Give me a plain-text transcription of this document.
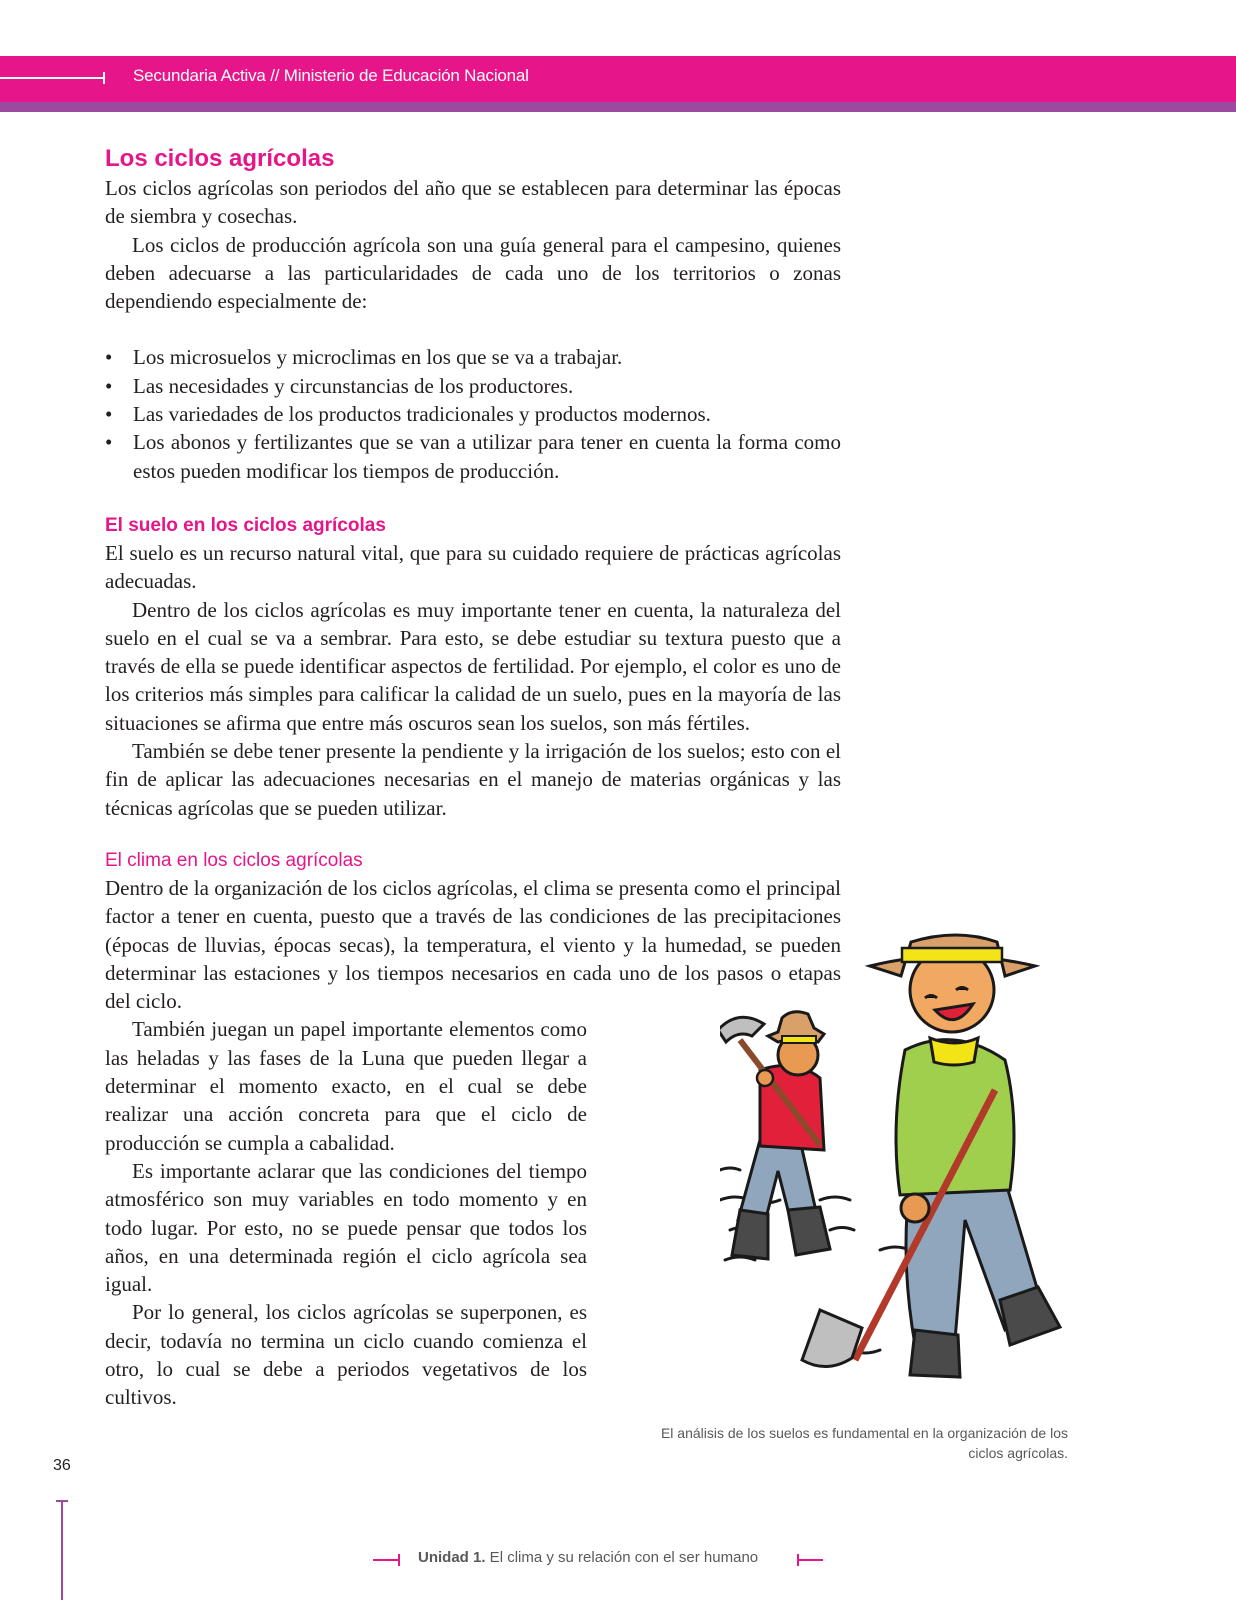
Secundaria Activa // Ministerio de Educación Nacional
Los ciclos agrícolas

Los ciclos agrícolas son periodos del año que se establecen para determinar las épocas de siembra y cosechas.

Los ciclos de producción agrícola son una guía general para el campesino, quienes deben adecuarse a las particularidades de cada uno de los territorios o zonas dependiendo especialmente de:

• Los microsuelos y microclimas en los que se va a trabajar.
• Las necesidades y circunstancias de los productores.
• Las variedades de los productos tradicionales y productos modernos.
• Los abonos y fertilizantes que se van a utilizar para tener en cuenta la forma como estos pueden modificar los tiempos de producción.
El suelo en los ciclos agrícolas

El suelo es un recurso natural vital, que para su cuidado requiere de prácticas agrícolas adecuadas.

Dentro de los ciclos agrícolas es muy importante tener en cuenta, la naturaleza del suelo en el cual se va a sembrar. Para esto, se debe estudiar su textura puesto que a través de ella se puede identificar aspectos de fertilidad. Por ejemplo, el color es uno de los criterios más simples para calificar la calidad de un suelo, pues en la mayoría de las situaciones se afirma que entre más oscuros sean los suelos, son más fértiles.

También se debe tener presente la pendiente y la irrigación de los suelos; esto con el fin de aplicar las adecuaciones necesarias en el manejo de materias orgánicas y las técnicas agrícolas que se pueden utilizar.

El clima en los ciclos agrícolas

Dentro de la organización de los ciclos agrícolas, el clima se presenta como el principal factor a tener en cuenta, puesto que a través de las condiciones de las precipitaciones (épocas de lluvias, épocas secas), la temperatura, el viento y la humedad, se pueden determinar las estaciones y los tiempos necesarios en cada uno de los pasos o etapas del ciclo.

También juegan un papel importante elementos como las heladas y las fases de la Luna que pueden llegar a determinar el momento exacto, en el cual se debe realizar una acción concreta para que el ciclo de producción se cumpla a cabalidad.

Es importante aclarar que las condiciones del tiempo atmosférico son muy variables en todo momento y en todo lugar. Por esto, no se puede pensar que todos los años, en una determinada región el ciclo agrícola sea igual.

Por lo general, los ciclos agrícolas se superponen, es decir, todavía no termina un ciclo cuando comienza el otro, lo cual se debe a periodos vegetativos de los cultivos.

El análisis de los suelos es fundamental en la organización de los ciclos agrícolas.
36
Unidad 1. El clima y su relación con el ser humano
